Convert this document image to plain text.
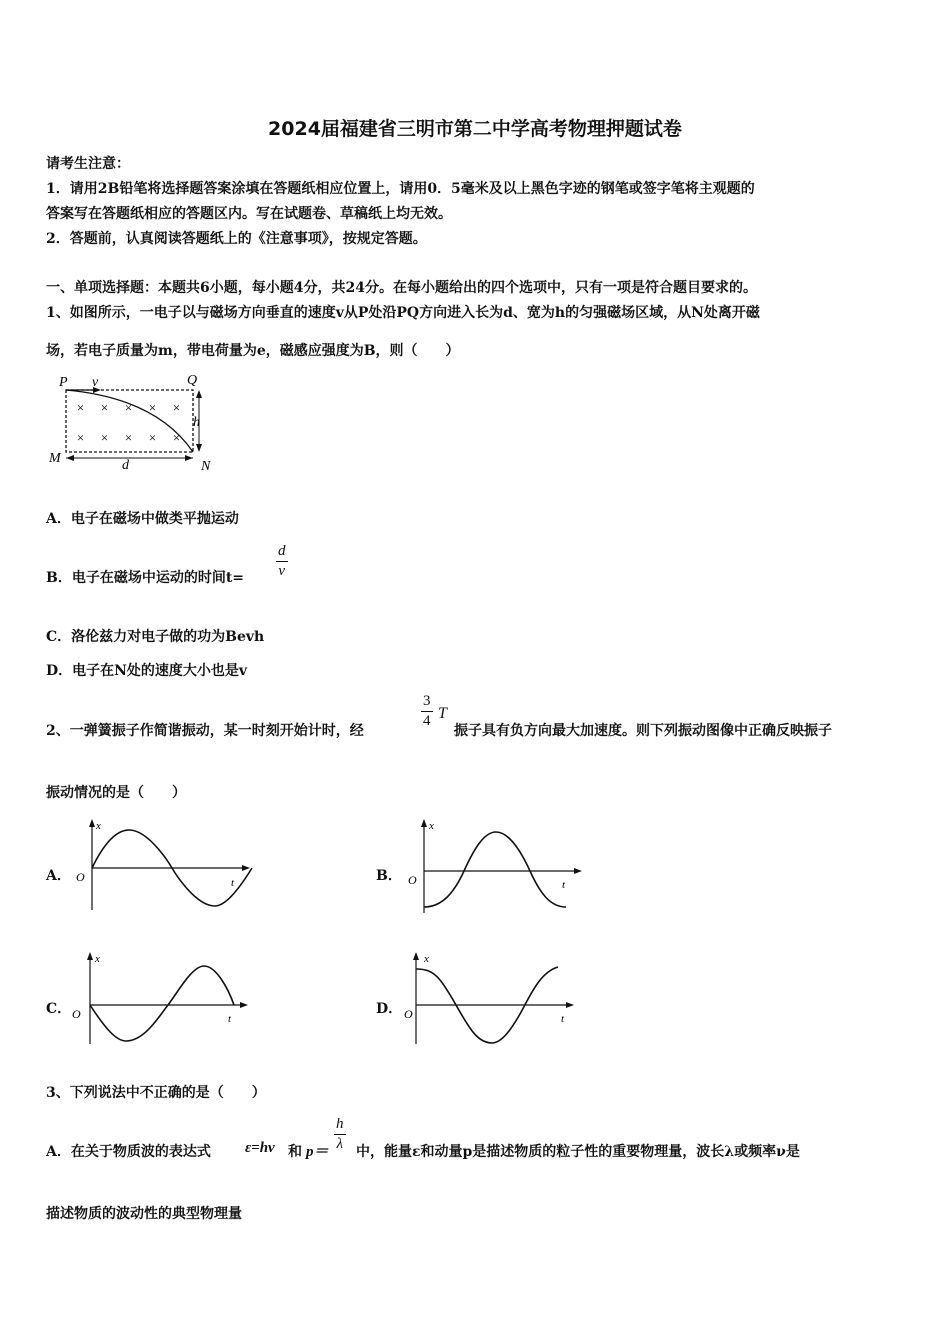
2024届福建省三明市第二中学高考物理押题试卷
请考生注意：
1．请用2B铅笔将选择题答案涂填在答题纸相应位置上，请用0．5毫米及以上黑色字迹的钢笔或签字笔将主观题的
答案写在答题纸相应的答题区内。写在试题卷、草稿纸上均无效。
2．答题前，认真阅读答题纸上的《注意事项》，按规定答题。
一、单项选择题：本题共6小题，每小题4分，共24分。在每小题给出的四个选项中，只有一项是符合题目要求的。
1、如图所示，一电子以与磁场方向垂直的速度v从P处沿PQ方向进入长为d、宽为h的匀强磁场区域，从N处离开磁
场，若电子质量为m，带电荷量为e，磁感应强度为B，则（　　）
P v	Q
h
M	d	N
× × × × ×
× × × × ×
A．电子在磁场中做类平抛运动
B．电子在磁场中运动的时间t=
d
v
C．洛伦兹力对电子做的功为Bevh
D．电子在N处的速度大小也是v
2、一弹簧振子作简谐振动，某一时刻开始计时，经
3
4 T
振子具有负方向最大加速度。则下列振动图像中正确反映振子
振动情况的是（　　）
A．
x
t
O	B．
x
t
O
C．
x
t
O	D．
x
t
O
3、下列说法中不正确的是（　　）
A．在关于物质波的表达式 ε=hν 和 p＝
h
λ 中，能量ε和动量p是描述物质的粒子性的重要物理量，波长λ或频率ν是
描述物质的波动性的典型物理量
